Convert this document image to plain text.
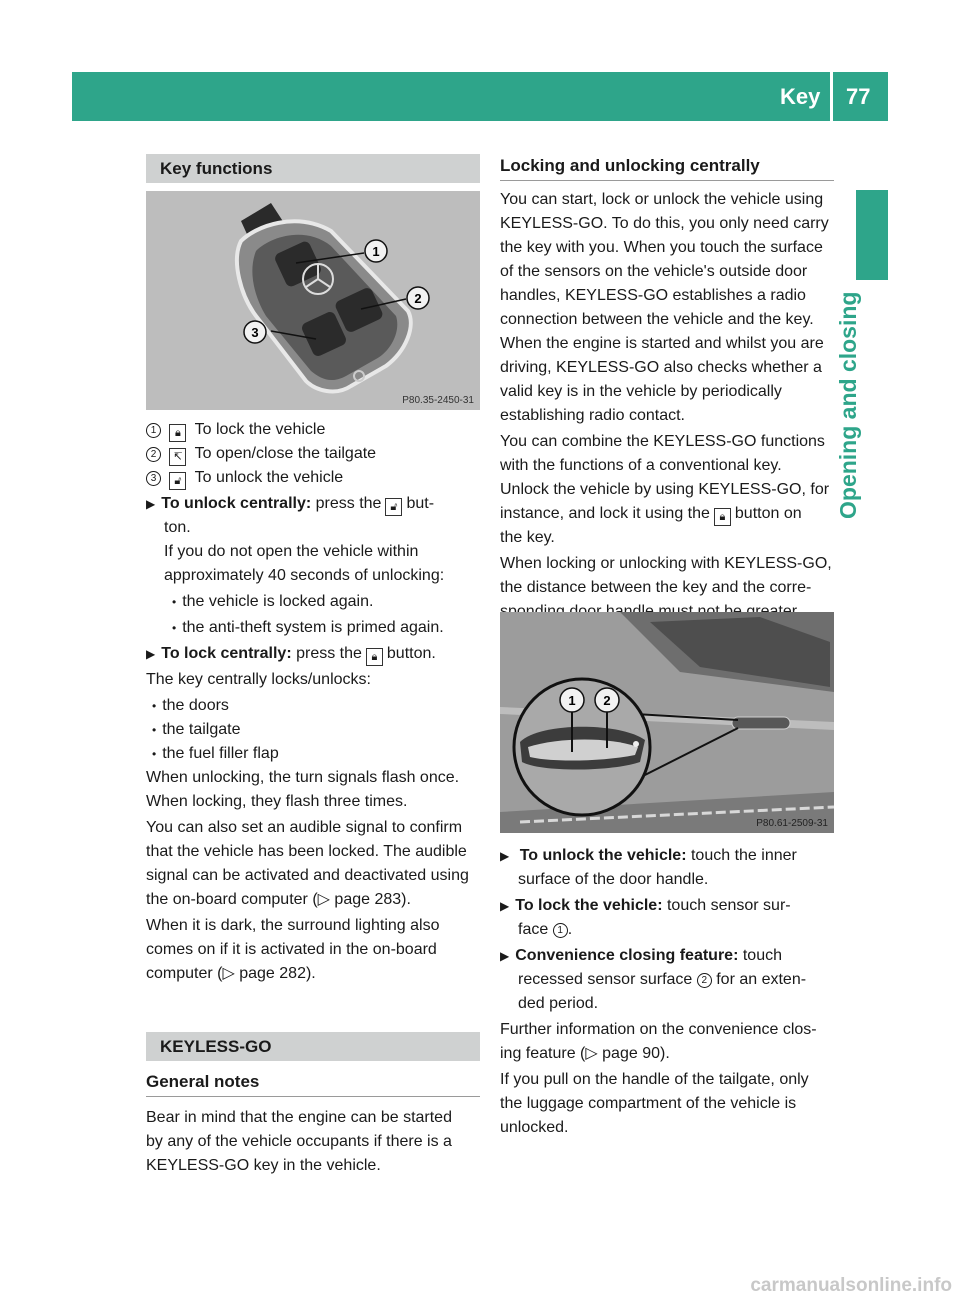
Key 77
Opening and closing
Key functions
1
2
3
P80.35-2450-31
1 🔒︎ To lock the vehicle
2 ↸ To open/close the tailgate
3 🔓︎ To unlock the vehicle
▶ To unlock centrally: press the 🔓︎ but-
ton.
If you do not open the vehicle within
approximately 40 seconds of unlocking:
• the vehicle is locked again.
• the anti-theft system is primed again.
▶ To lock centrally: press the 🔒︎ button.
The key centrally locks/unlocks:
• the doors
• the tailgate
• the fuel filler flap
When unlocking, the turn signals flash once.
When locking, they flash three times.
You can also set an audible signal to confirm
that the vehicle has been locked. The audible
signal can be activated and deactivated using
the on-board computer (▷ page 283).
When it is dark, the surround lighting also
comes on if it is activated in the on-board
computer (▷ page 282).
KEYLESS-GO
General notes
Bear in mind that the engine can be started
by any of the vehicle occupants if there is a
KEYLESS-GO key in the vehicle.
Locking and unlocking centrally
You can start, lock or unlock the vehicle using
KEYLESS-GO. To do this, you only need carry
the key with you. When you touch the surface
of the sensors on the vehicle's outside door
handles, KEYLESS-GO establishes a radio
connection between the vehicle and the key.
When the engine is started and whilst you are
driving, KEYLESS-GO also checks whether a
valid key is in the vehicle by periodically
establishing radio contact.
You can combine the KEYLESS-GO functions
with the functions of a conventional key.
Unlock the vehicle by using KEYLESS-GO, for
instance, and lock it using the 🔒︎ button on
the key.
When locking or unlocking with KEYLESS-GO,
the distance between the key and the corre-
1 2
P80.61-2509-31
▶ To unlock the vehicle: touch the inner
surface of the door handle.
▶ To lock the vehicle: touch sensor sur-
face 1 .
▶ Convenience closing feature: touch
recessed sensor surface 2 for an exten-
ded period.
Further information on the convenience clos-
ing feature (▷ page 90).
If you pull on the handle of the tailgate, only
the luggage compartment of the vehicle is
unlocked.
carmanualsonline.info
